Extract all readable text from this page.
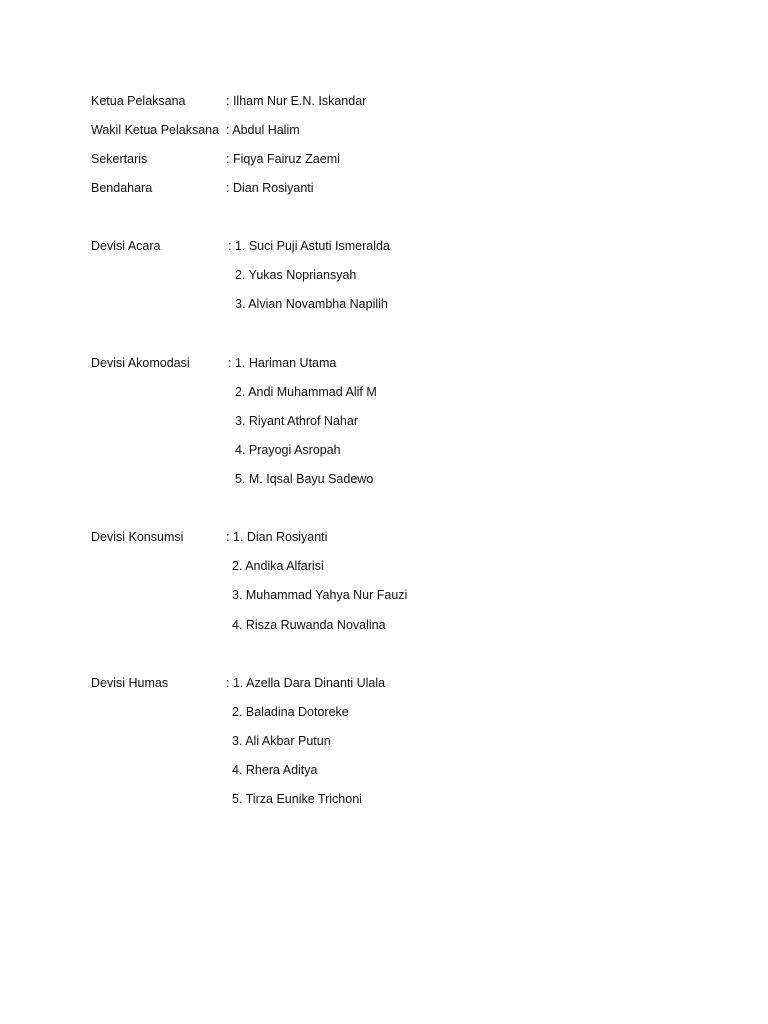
Ketua Pelaksana	: Ilham Nur E.N. Iskandar
Wakil Ketua Pelaksana : Abdul Halim
Sekertaris	: Fiqya Fairuz Zaemi
Bendahara	: Dian Rosiyanti
Devisi Acara	: 1. Suci Puji Astuti Ismeralda
2. Yukas Nopriansyah
3. Alvian Novambha Napilih
Devisi Akomodasi	: 1. Hariman Utama
2. Andi Muhammad Alif M
3. Riyant Athrof Nahar
4. Prayogi Asropah
5. M. Iqsal Bayu Sadewo
Devisi Konsumsi	: 1. Dian Rosiyanti
2. Andika Alfarisi
3. Muhammad Yahya Nur Fauzi
4. Risza Ruwanda Novalina
Devisi Humas	: 1. Azella Dara Dinanti Ulala
2. Baladina Dotoreke
3. Ali Akbar Putun
4. Rhera Aditya
5. Tirza Eunike Trichoni
